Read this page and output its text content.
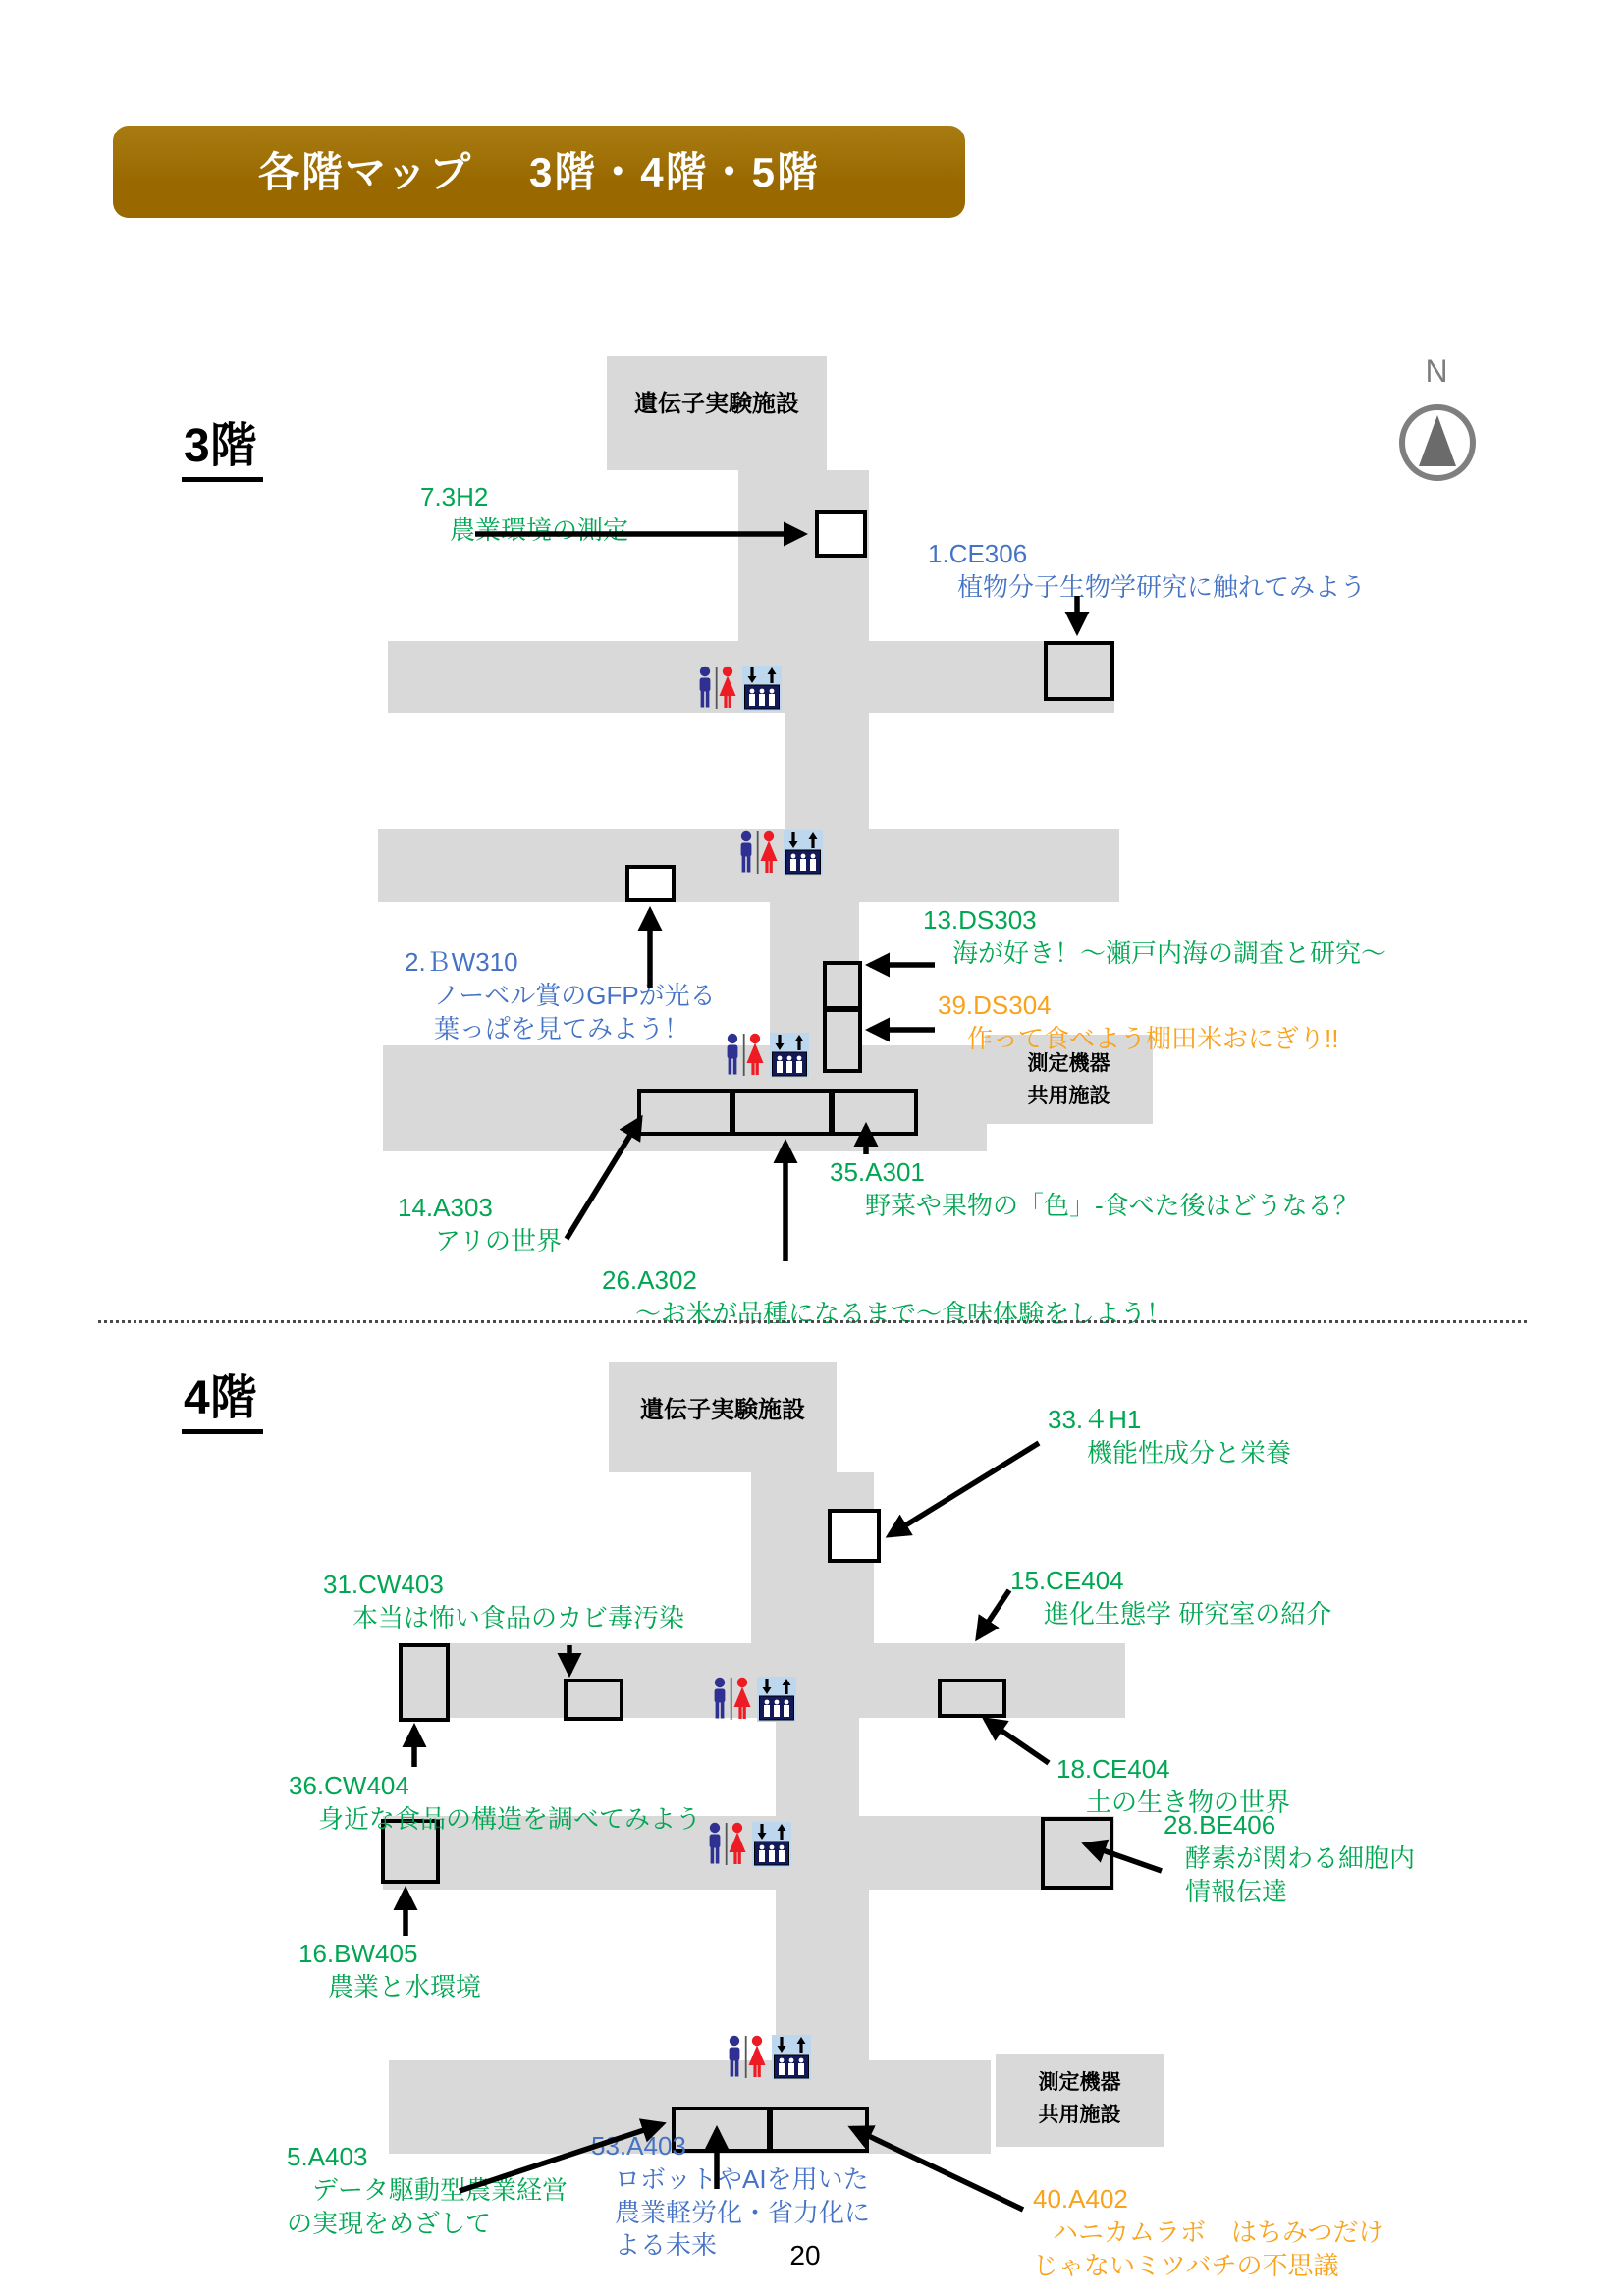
各階マップ　 3階・4階・5階
N
3階
遺伝子実験施設
測定機器
共用施設
7.3H2
農業環境の測定
1.CE306
植物分子生物学研究に触れてみよう
2.ＢW310
ノーベル賞のGFPが光る
葉っぱを見てみよう！
13.DS303
海が好き！～瀬戸内海の調査と研究～
39.DS304
作って食べよう棚田米おにぎり!!
14.A303
アリの世界
26.A302
～お米が品種になるまで～食味体験をしよう！
35.A301
野菜や果物の「色」-食べた後はどうなる？
4階	遺伝子実験施設
測定機器
共用施設
33.４H1
機能性成分と栄養
31.CW403
本当は怖い食品のカビ毒汚染
15.CE404
進化生態学 研究室の紹介
18.CE404
土の生き物の世界
36.CW404
身近な食品の構造を調べてみよう
16.BW405
農業と水環境
28.BE406
酵素が関わる細胞内
情報伝達
5.A403
データ駆動型農業経営
の実現をめざして
53.A403
ロボットやAIを用いた
農業軽労化・省力化に
よる未来
40.A402
ハニカムラボ　はちみつだけ
じゃないミツバチの不思議
20
